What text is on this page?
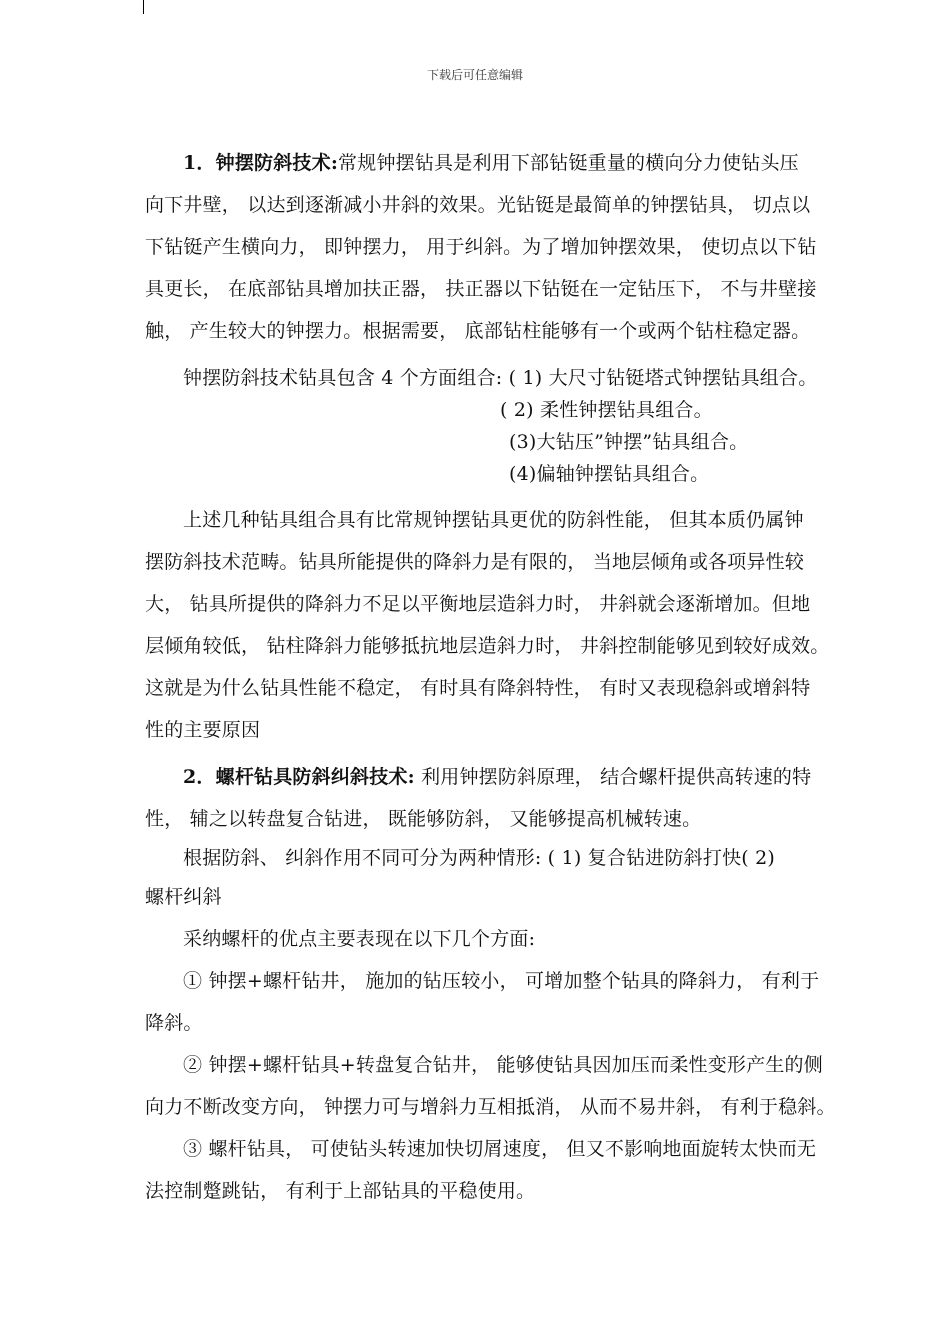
下载后可任意编辑
1．钟摆防斜技术:常规钟摆钻具是利用下部钻铤重量的横向分力使钻头压
向下井壁， 以达到逐渐减小井斜的效果。光钻铤是最简单的钟摆钻具， 切点以
下钻铤产生横向力， 即钟摆力， 用于纠斜。为了增加钟摆效果， 使切点以下钻
具更长， 在底部钻具增加扶正器， 扶正器以下钻铤在一定钻压下， 不与井壁接
触， 产生较大的钟摆力。根据需要， 底部钻柱能够有一个或两个钻柱稳定器。
钟摆防斜技术钻具包含 4 个方面组合: ( 1) 大尺寸钻铤塔式钟摆钻具组合。
( 2) 柔性钟摆钻具组合。
(3)大钻压”钟摆”钻具组合。
(4)偏轴钟摆钻具组合。
上述几种钻具组合具有比常规钟摆钻具更优的防斜性能， 但其本质仍属钟
摆防斜技术范畴。钻具所能提供的降斜力是有限的， 当地层倾角或各项异性较
大， 钻具所提供的降斜力不足以平衡地层造斜力时， 井斜就会逐渐增加。但地
层倾角较低， 钻柱降斜力能够抵抗地层造斜力时， 井斜控制能够见到较好成效。
这就是为什么钻具性能不稳定， 有时具有降斜特性， 有时又表现稳斜或增斜特
性的主要原因
2．螺杆钻具防斜纠斜技术: 利用钟摆防斜原理， 结合螺杆提供高转速的特
性， 辅之以转盘复合钻进， 既能够防斜， 又能够提高机械转速。
根据防斜、 纠斜作用不同可分为两种情形: ( 1) 复合钻进防斜打快( 2)
螺杆纠斜
采纳螺杆的优点主要表现在以下几个方面:
① 钟摆+螺杆钻井， 施加的钻压较小， 可增加整个钻具的降斜力， 有利于
降斜。
② 钟摆+螺杆钻具+转盘复合钻井， 能够使钻具因加压而柔性变形产生的侧
向力不断改变方向， 钟摆力可与增斜力互相抵消， 从而不易井斜， 有利于稳斜。
③ 螺杆钻具， 可使钻头转速加快切屑速度， 但又不影响地面旋转太快而无
法控制蹩跳钻， 有利于上部钻具的平稳使用。
